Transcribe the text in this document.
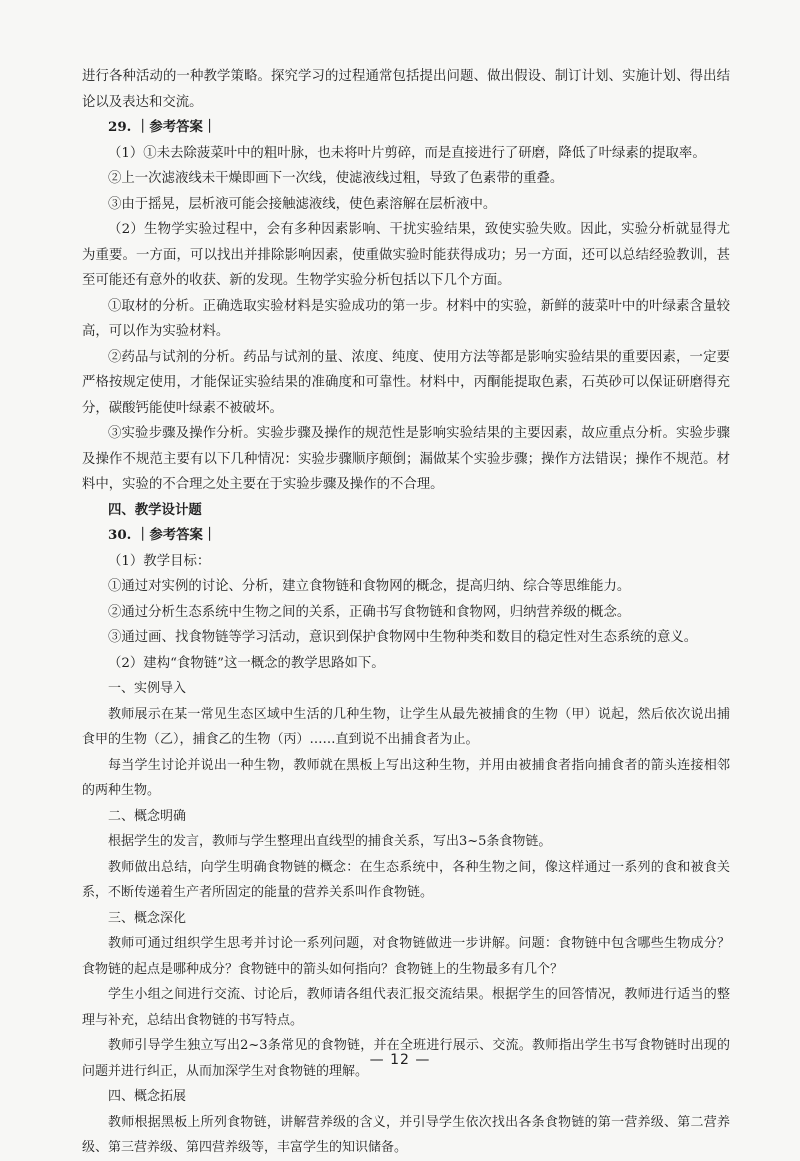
进行各种活动的一种教学策略。探究学习的过程通常包括提出问题、做出假设、制订计划、实施计划、得出结论以及表达和交流。

29. ｜参考答案｜

（1）①未去除菠菜叶中的粗叶脉，也未将叶片剪碎，而是直接进行了研磨，降低了叶绿素的提取率。

②上一次滤液线未干燥即画下一次线，使滤液线过粗，导致了色素带的重叠。

③由于摇晃，层析液可能会接触滤液线，使色素溶解在层析液中。

（2）生物学实验过程中，会有多种因素影响、干扰实验结果，致使实验失败。因此，实验分析就显得尤为重要。一方面，可以找出并排除影响因素，使重做实验时能获得成功；另一方面，还可以总结经验教训，甚至可能还有意外的收获、新的发现。生物学实验分析包括以下几个方面。

①取材的分析。正确选取实验材料是实验成功的第一步。材料中的实验，新鲜的菠菜叶中的叶绿素含量较高，可以作为实验材料。

②药品与试剂的分析。药品与试剂的量、浓度、纯度、使用方法等都是影响实验结果的重要因素，一定要严格按规定使用，才能保证实验结果的准确度和可靠性。材料中，丙酮能提取色素，石英砂可以保证研磨得充分，碳酸钙能使叶绿素不被破坏。

③实验步骤及操作分析。实验步骤及操作的规范性是影响实验结果的主要因素，故应重点分析。实验步骤及操作不规范主要有以下几种情况：实验步骤顺序颠倒；漏做某个实验步骤；操作方法错误；操作不规范。材料中，实验的不合理之处主要在于实验步骤及操作的不合理。

四、教学设计题

30. ｜参考答案｜

（1）教学目标：

①通过对实例的讨论、分析，建立食物链和食物网的概念，提高归纳、综合等思维能力。

②通过分析生态系统中生物之间的关系，正确书写食物链和食物网，归纳营养级的概念。

③通过画、找食物链等学习活动，意识到保护食物网中生物种类和数目的稳定性对生态系统的意义。

（2）建构“食物链”这一概念的教学思路如下。

一、实例导入

教师展示在某一常见生态区域中生活的几种生物，让学生从最先被捕食的生物（甲）说起，然后依次说出捕食甲的生物（乙），捕食乙的生物（丙）……直到说不出捕食者为止。

每当学生讨论并说出一种生物，教师就在黑板上写出这种生物，并用由被捕食者指向捕食者的箭头连接相邻的两种生物。

二、概念明确

根据学生的发言，教师与学生整理出直线型的捕食关系，写出3~5条食物链。

教师做出总结，向学生明确食物链的概念：在生态系统中，各种生物之间，像这样通过一系列的食和被食关系，不断传递着生产者所固定的能量的营养关系叫作食物链。

三、概念深化

教师可通过组织学生思考并讨论一系列问题，对食物链做进一步讲解。问题：食物链中包含哪些生物成分？食物链的起点是哪种成分？食物链中的箭头如何指向？食物链上的生物最多有几个？

学生小组之间进行交流、讨论后，教师请各组代表汇报交流结果。根据学生的回答情况，教师进行适当的整理与补充，总结出食物链的书写特点。

教师引导学生独立写出2~3条常见的食物链，并在全班进行展示、交流。教师指出学生书写食物链时出现的问题并进行纠正，从而加深学生对食物链的理解。

四、概念拓展

教师根据黑板上所列食物链，讲解营养级的含义，并引导学生依次找出各条食物链的第一营养级、第二营养级、第三营养级、第四营养级等，丰富学生的知识储备。

— 12 —
